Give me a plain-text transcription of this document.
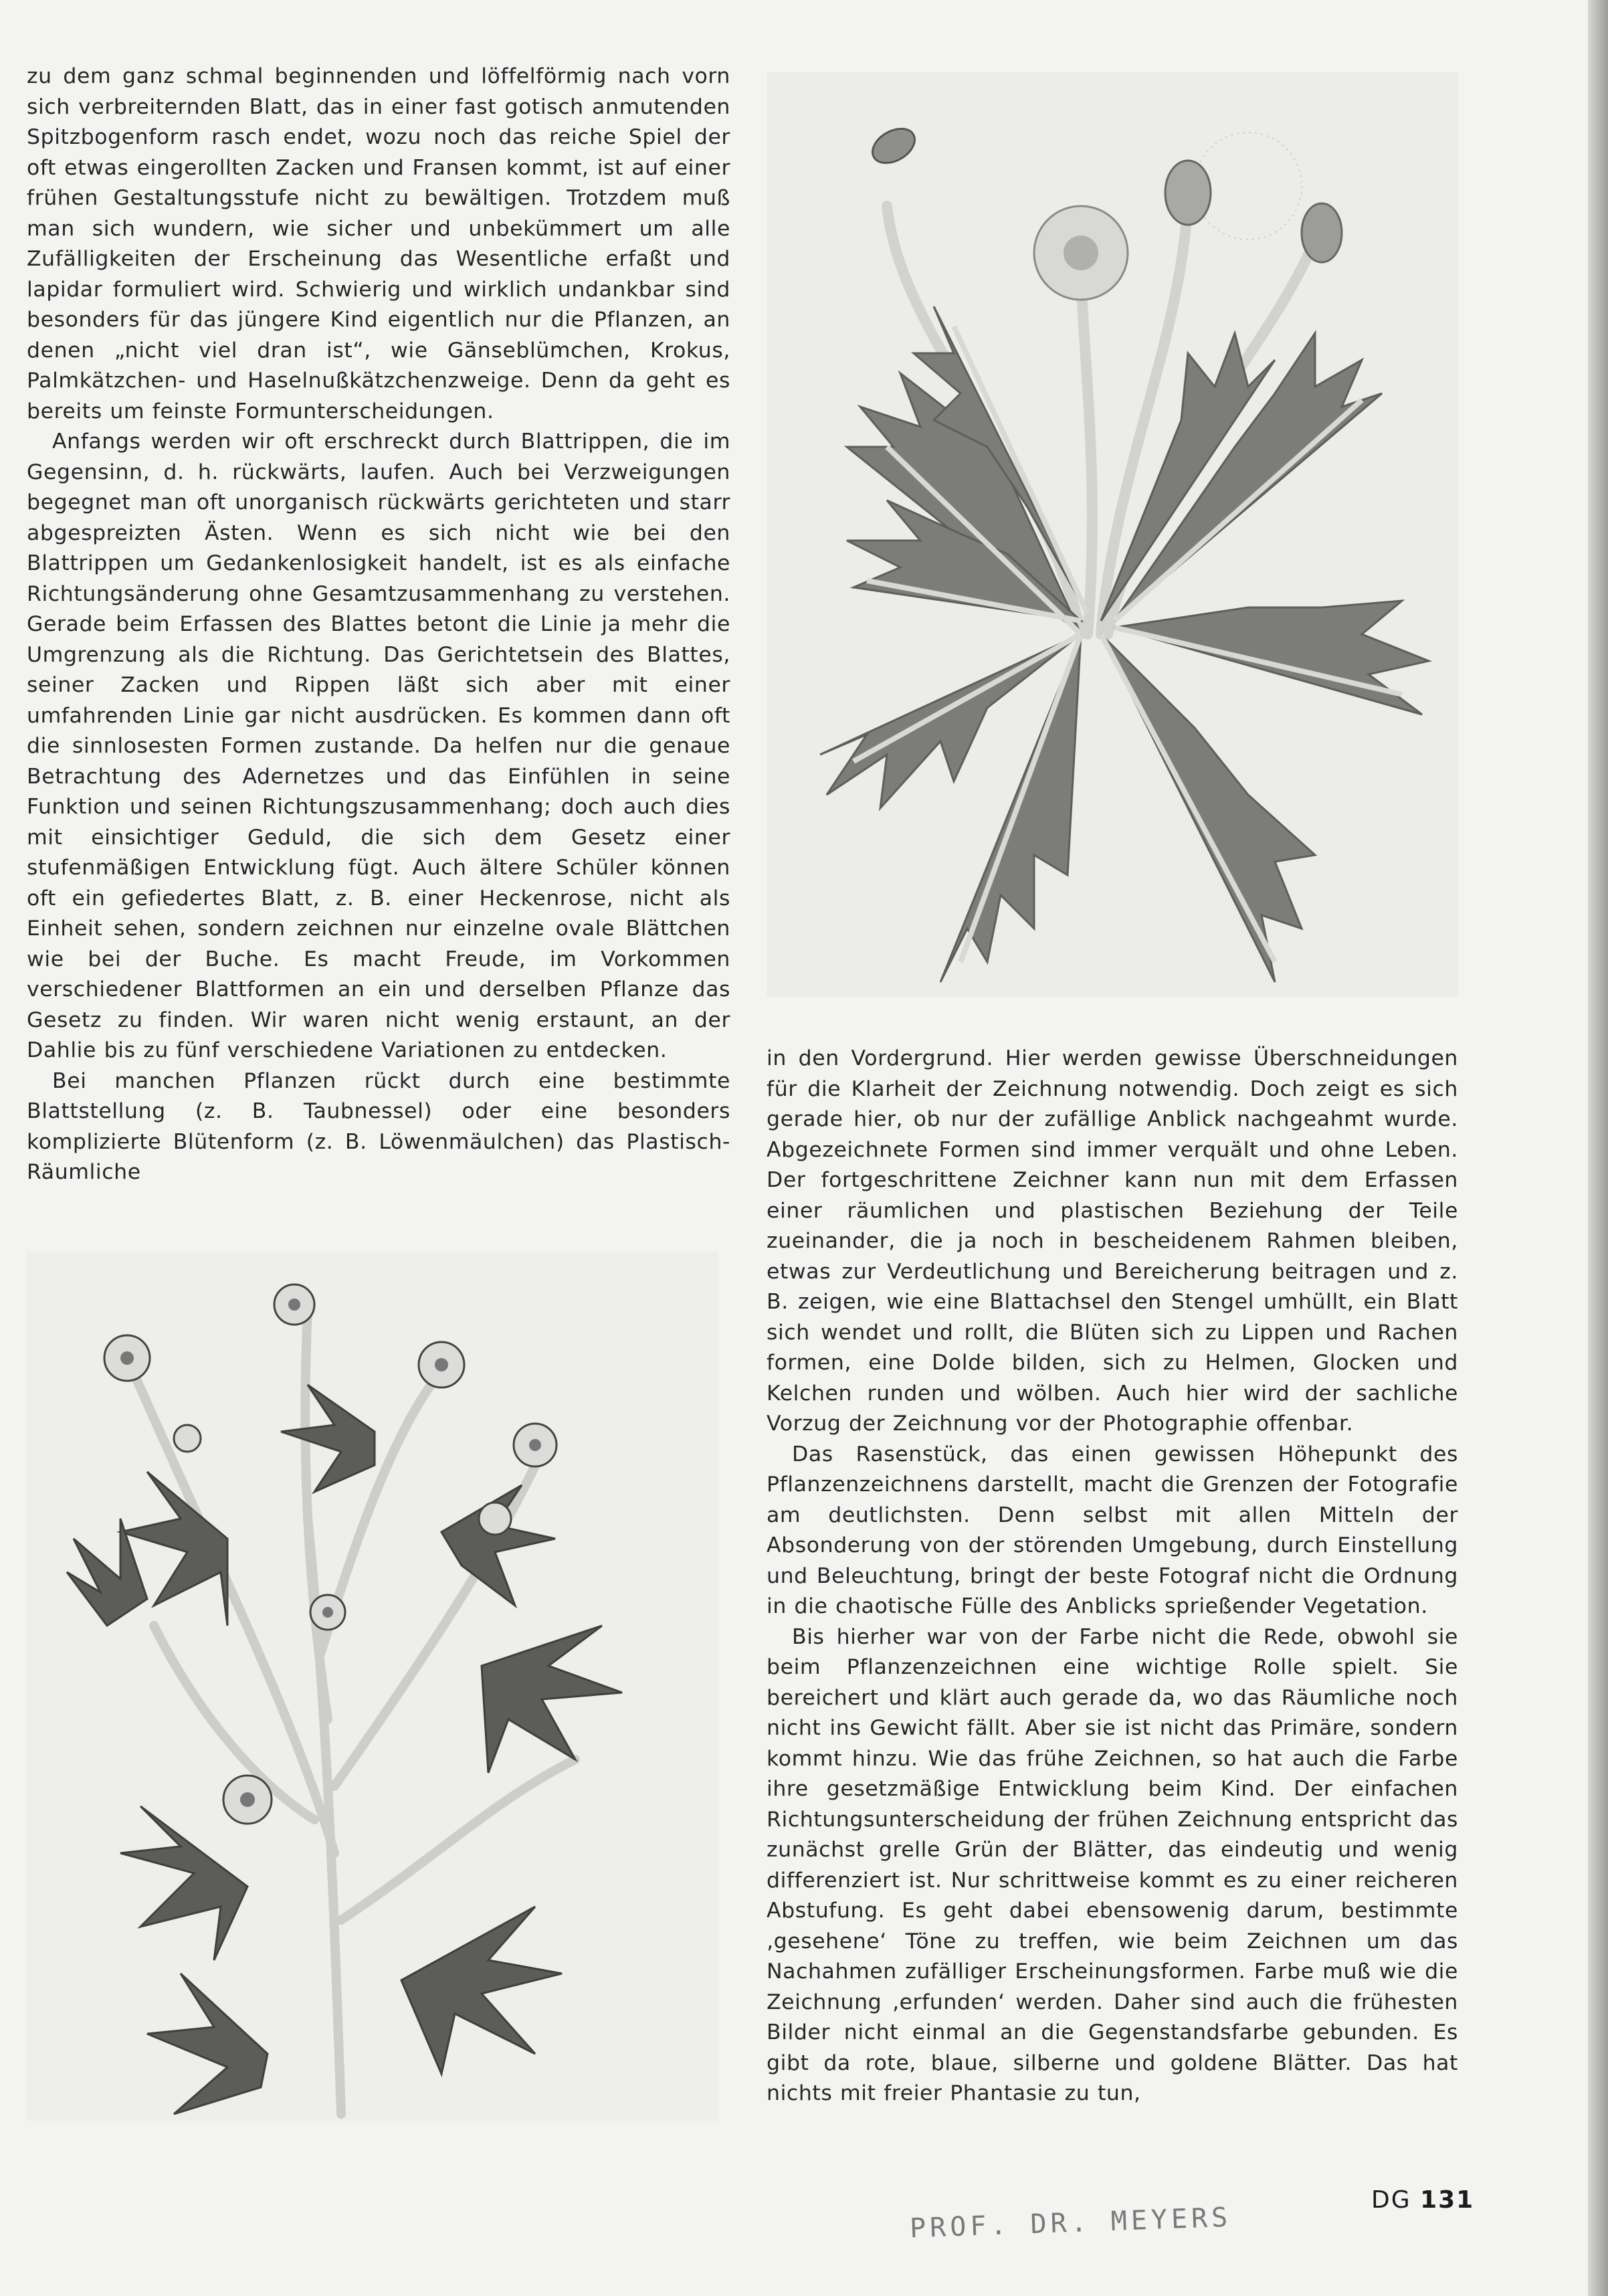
zu dem ganz schmal beginnenden und löffelförmig nach vorn sich verbreiternden Blatt, das in einer fast gotisch anmutenden Spitzbogenform rasch endet, wozu noch das reiche Spiel der oft etwas eingerollten Zacken und Fransen kommt, ist auf einer frühen Gestaltungsstufe nicht zu bewältigen. Trotzdem muß man sich wundern, wie sicher und unbekümmert um alle Zufälligkeiten der Erscheinung das Wesentliche erfaßt und lapidar formuliert wird. Schwierig und wirklich undankbar sind besonders für das jüngere Kind eigentlich nur die Pflanzen, an denen „nicht viel dran ist“, wie Gänseblümchen, Krokus, Palmkätzchen- und Haselnußkätzchenzweige. Denn da geht es bereits um feinste Formunterscheidungen.

Anfangs werden wir oft erschreckt durch Blattrippen, die im Gegensinn, d. h. rückwärts, laufen. Auch bei Verzweigungen begegnet man oft unorganisch rückwärts gerichteten und starr abgespreizten Ästen. Wenn es sich nicht wie bei den Blattrippen um Gedankenlosigkeit handelt, ist es als einfache Richtungsänderung ohne Gesamtzusammenhang zu verstehen. Gerade beim Erfassen des Blattes betont die Linie ja mehr die Umgrenzung als die Richtung. Das Gerichtetsein des Blattes, seiner Zacken und Rippen läßt sich aber mit einer umfahrenden Linie gar nicht ausdrücken. Es kommen dann oft die sinnlosesten Formen zustande. Da helfen nur die genaue Betrachtung des Adernetzes und das Einfühlen in seine Funktion und seinen Richtungszusammenhang; doch auch dies mit einsichtiger Geduld, die sich dem Gesetz einer stufenmäßigen Entwicklung fügt. Auch ältere Schüler können oft ein gefiedertes Blatt, z. B. einer Heckenrose, nicht als Einheit sehen, sondern zeichnen nur einzelne ovale Blättchen wie bei der Buche. Es macht Freude, im Vorkommen verschiedener Blattformen an ein und derselben Pflanze das Gesetz zu finden. Wir waren nicht wenig erstaunt, an der Dahlie bis zu fünf verschiedene Variationen zu entdecken.

Bei manchen Pflanzen rückt durch eine bestimmte Blattstellung (z. B. Taubnessel) oder eine besonders komplizierte Blütenform (z. B. Löwenmäulchen) das Plastisch-Räumliche

in den Vordergrund. Hier werden gewisse Überschneidungen für die Klarheit der Zeichnung notwendig. Doch zeigt es sich gerade hier, ob nur der zufällige Anblick nachgeahmt wurde. Abgezeichnete Formen sind immer verquält und ohne Leben. Der fortgeschrittene Zeichner kann nun mit dem Erfassen einer räumlichen und plastischen Beziehung der Teile zueinander, die ja noch in bescheidenem Rahmen bleiben, etwas zur Verdeutlichung und Bereicherung beitragen und z. B. zeigen, wie eine Blattachsel den Stengel umhüllt, ein Blatt sich wendet und rollt, die Blüten sich zu Lippen und Rachen formen, eine Dolde bilden, sich zu Helmen, Glocken und Kelchen runden und wölben. Auch hier wird der sachliche Vorzug der Zeichnung vor der Photographie offenbar.

Das Rasenstück, das einen gewissen Höhepunkt des Pflanzenzeichnens darstellt, macht die Grenzen der Fotografie am deutlichsten. Denn selbst mit allen Mitteln der Absonderung von der störenden Umgebung, durch Einstellung und Beleuchtung, bringt der beste Fotograf nicht die Ordnung in die chaotische Fülle des Anblicks sprießender Vegetation.

Bis hierher war von der Farbe nicht die Rede, obwohl sie beim Pflanzenzeichnen eine wichtige Rolle spielt. Sie bereichert und klärt auch gerade da, wo das Räumliche noch nicht ins Gewicht fällt. Aber sie ist nicht das Primäre, sondern kommt hinzu. Wie das frühe Zeichnen, so hat auch die Farbe ihre gesetzmäßige Entwicklung beim Kind. Der einfachen Richtungsunterscheidung der frühen Zeichnung entspricht das zunächst grelle Grün der Blätter, das eindeutig und wenig differenziert ist. Nur schrittweise kommt es zu einer reicheren Abstufung. Es geht dabei ebensowenig darum, bestimmte ‚gesehene‘ Töne zu treffen, wie beim Zeichnen um das Nachahmen zufälliger Erscheinungsformen. Farbe muß wie die Zeichnung ‚erfunden‘ werden. Daher sind auch die frühesten Bilder nicht einmal an die Gegenstandsfarbe gebunden. Es gibt da rote, blaue, silberne und goldene Blätter. Das hat nichts mit freier Phantasie zu tun,

DG 131
PROF. DR. MEYERS
